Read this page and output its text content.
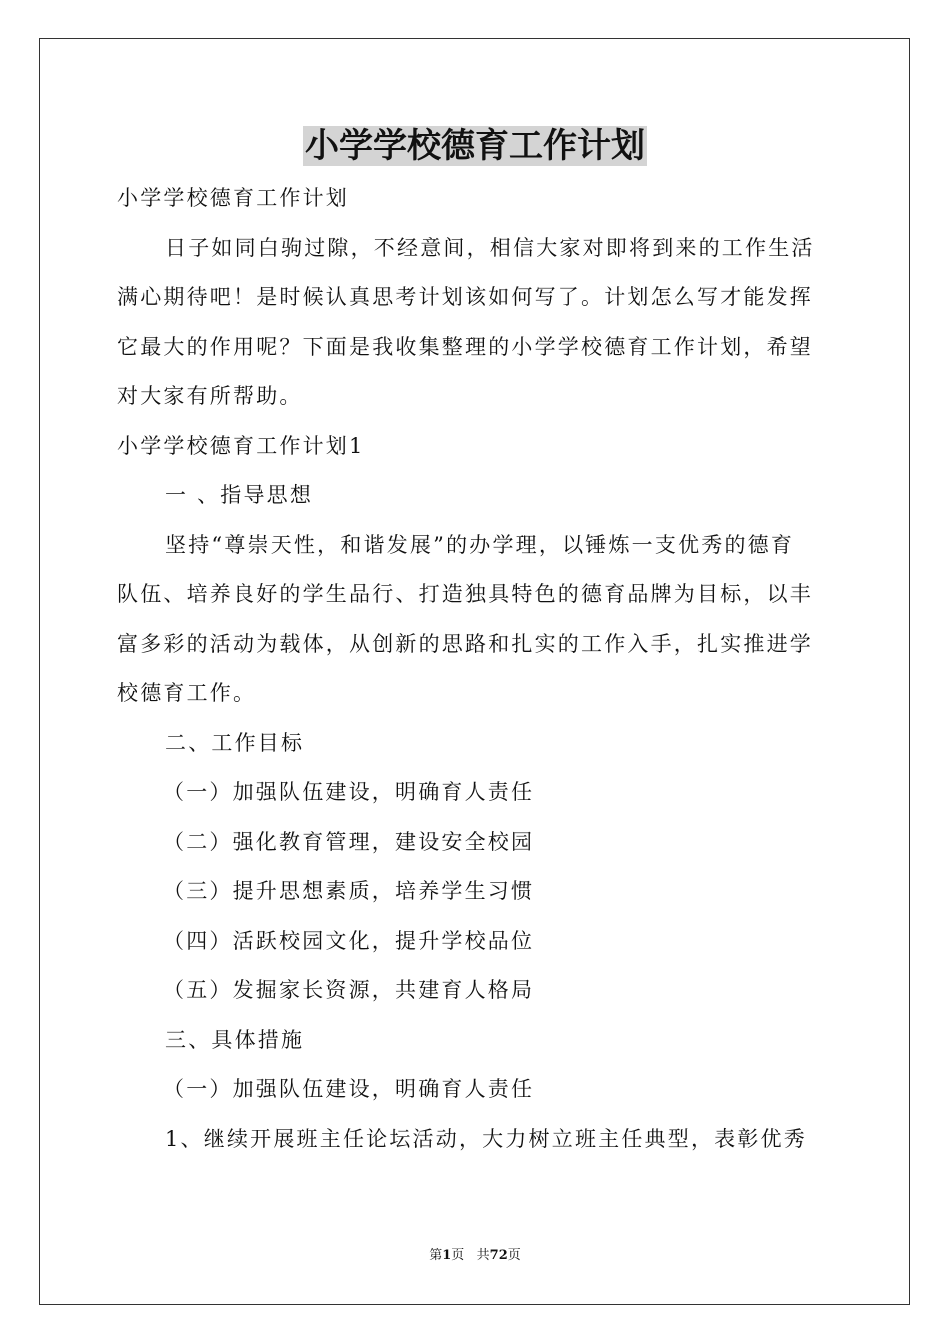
小学学校德育工作计划
小学学校德育工作计划
日子如同白驹过隙，不经意间，相信大家对即将到来的工作生活
满心期待吧！是时候认真思考计划该如何写了。计划怎么写才能发挥
它最大的作用呢？下面是我收集整理的小学学校德育工作计划，希望
对大家有所帮助。
小学学校德育工作计划1
一 、指导思想
坚持“尊崇天性，和谐发展”的办学理，以锤炼一支优秀的德育
队伍、培养良好的学生品行、打造独具特色的德育品牌为目标，以丰
富多彩的活动为载体，从创新的思路和扎实的工作入手，扎实推进学
校德育工作。
二、工作目标
（一）加强队伍建设，明确育人责任
（二）强化教育管理，建设安全校园
（三）提升思想素质，培养学生习惯
（四）活跃校园文化，提升学校品位
（五）发掘家长资源，共建育人格局
三、具体措施
（一）加强队伍建设，明确育人责任
1、继续开展班主任论坛活动，大力树立班主任典型，表彰优秀
第1页   共72页
